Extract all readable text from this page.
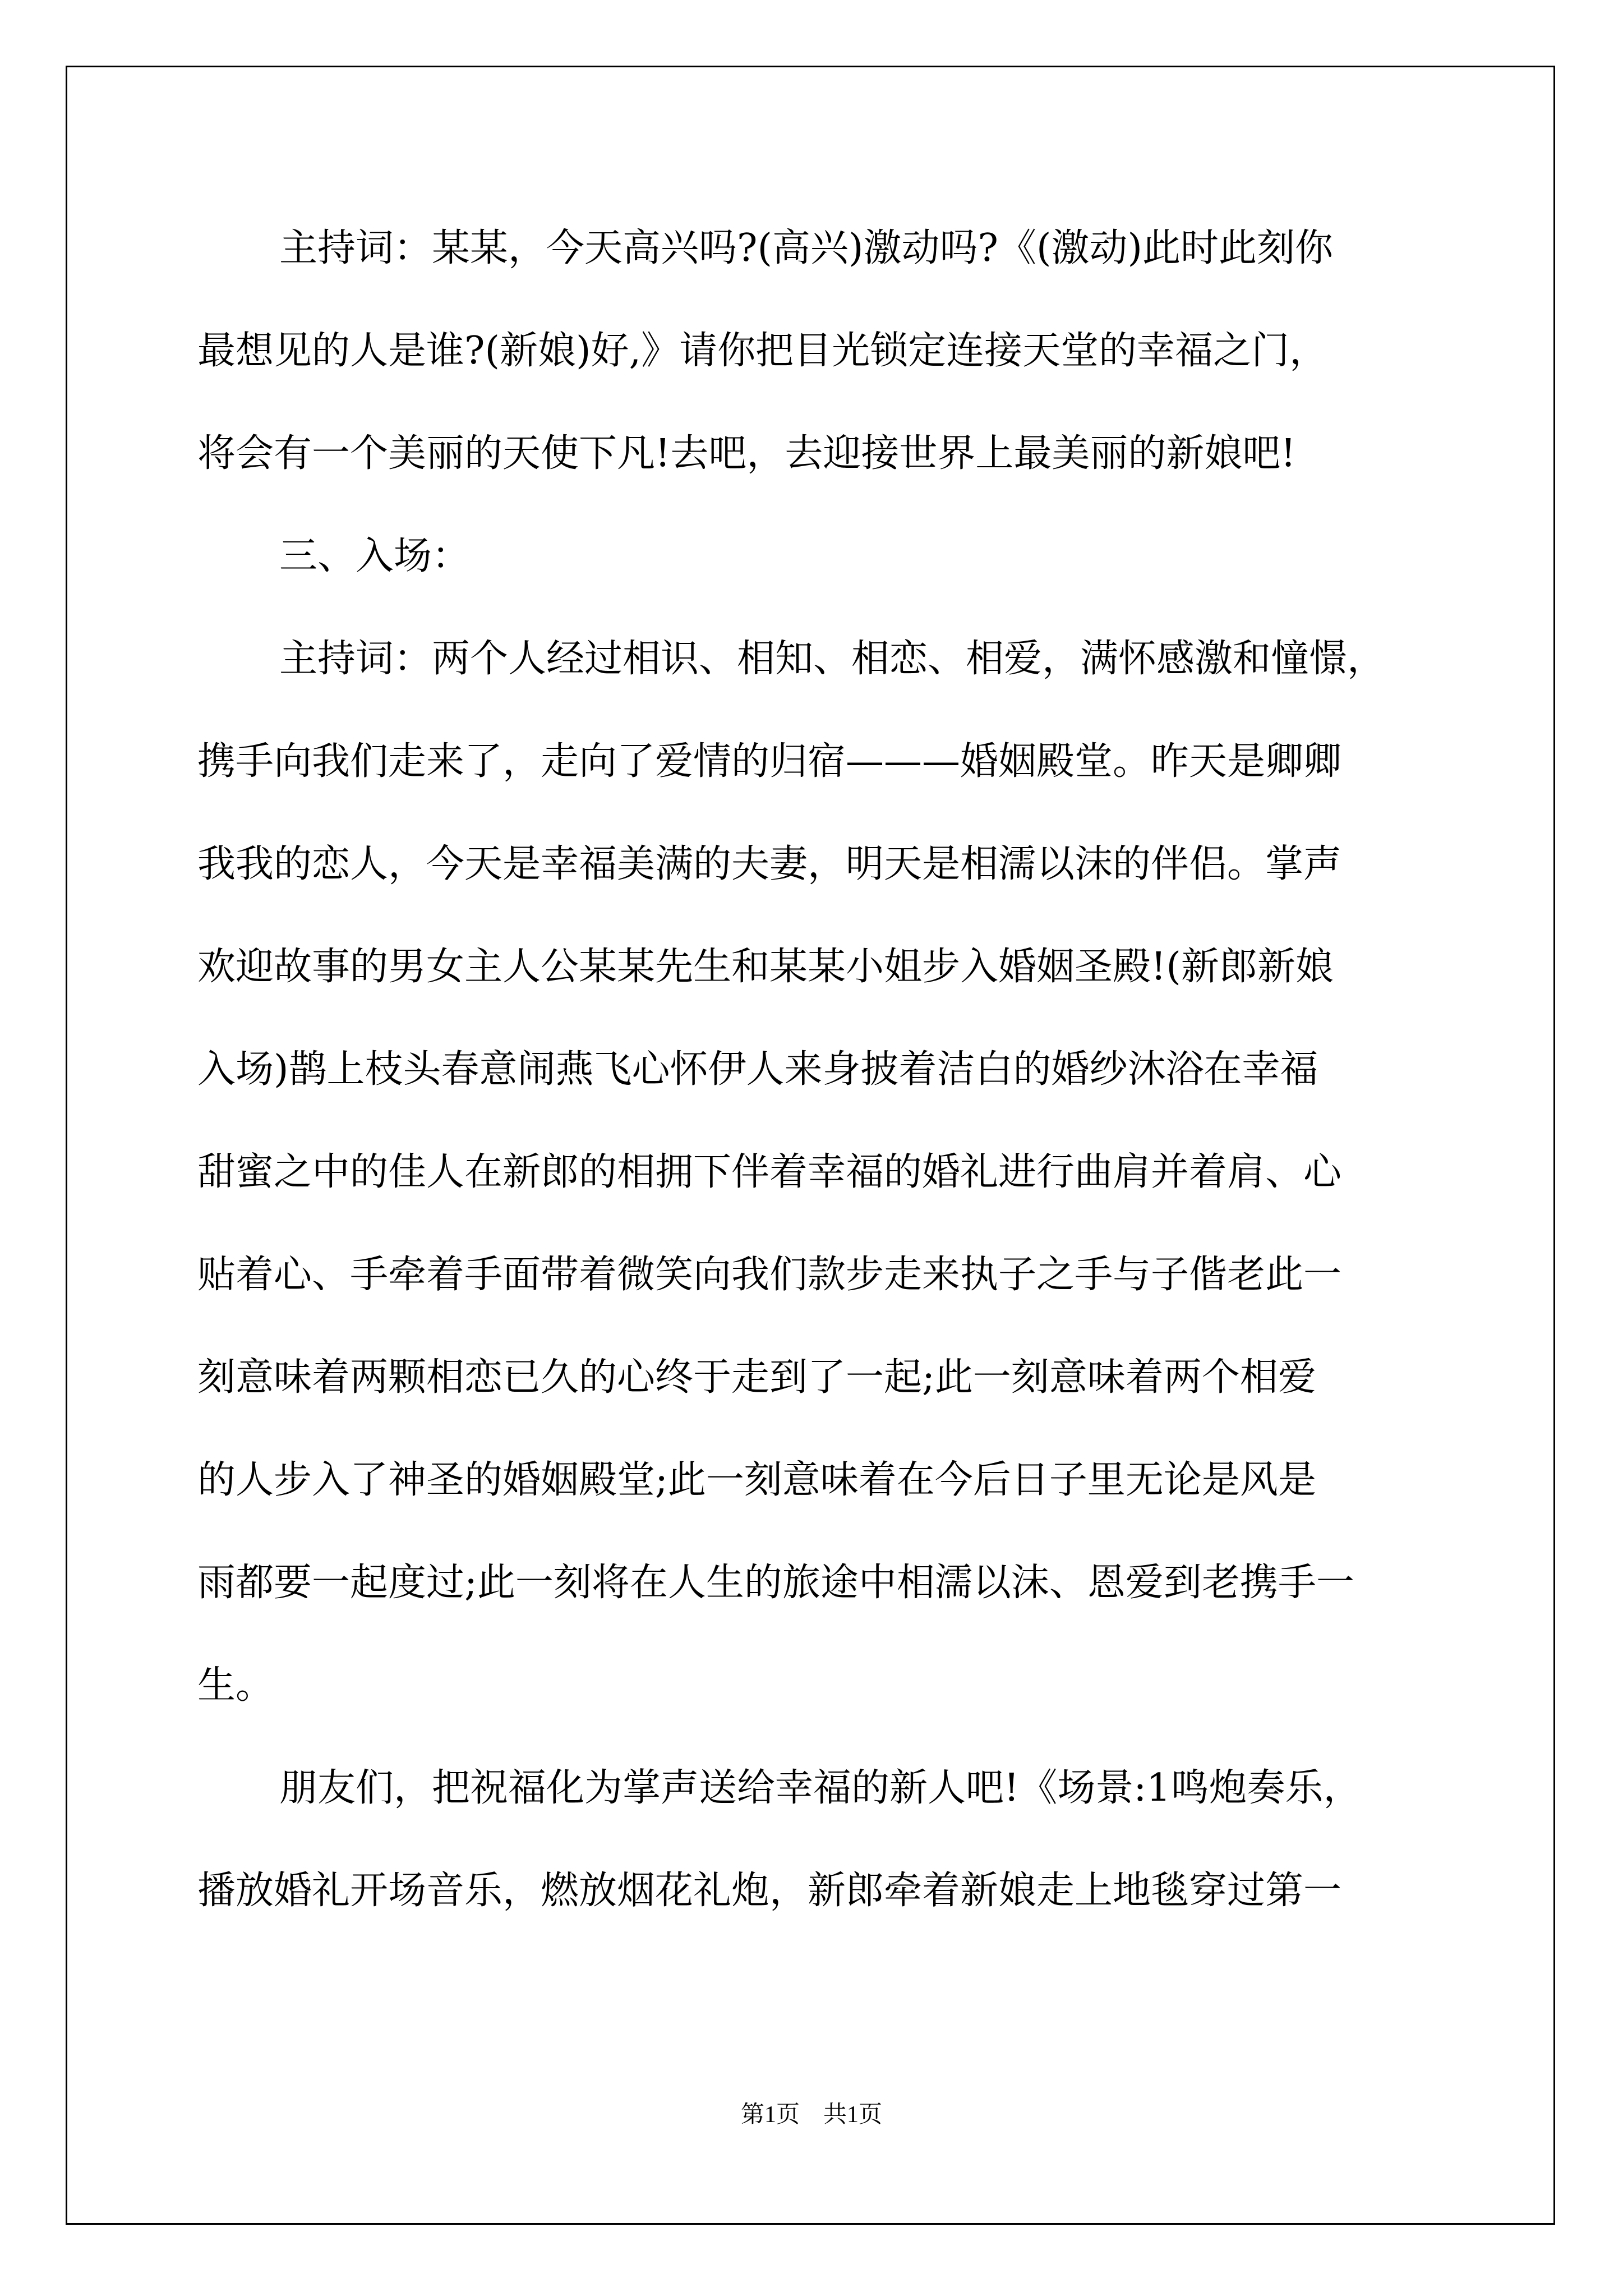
主持词：某某，今天高兴吗?(高兴)激动吗?《(激动)此时此刻你
最想见的人是谁?(新娘)好,》请你把目光锁定连接天堂的幸福之门，
将会有一个美丽的天使下凡!去吧，去迎接世界上最美丽的新娘吧!
三、入场：
主持词：两个人经过相识、相知、相恋、相爱，满怀感激和憧憬，
携手向我们走来了，走向了爱情的归宿———婚姻殿堂。昨天是卿卿
我我的恋人，今天是幸福美满的夫妻，明天是相濡以沫的伴侣。掌声
欢迎故事的男女主人公某某先生和某某小姐步入婚姻圣殿!(新郎新娘
入场)鹊上枝头春意闹燕飞心怀伊人来身披着洁白的婚纱沐浴在幸福
甜蜜之中的佳人在新郎的相拥下伴着幸福的婚礼进行曲肩并着肩、心
贴着心、手牵着手面带着微笑向我们款步走来执子之手与子偕老此一
刻意味着两颗相恋已久的心终于走到了一起;此一刻意味着两个相爱
的人步入了神圣的婚姻殿堂;此一刻意味着在今后日子里无论是风是
雨都要一起度过;此一刻将在人生的旅途中相濡以沫、恩爱到老携手一
生。
朋友们，把祝福化为掌声送给幸福的新人吧!《场景:1鸣炮奏乐，
播放婚礼开场音乐，燃放烟花礼炮，新郎牵着新娘走上地毯穿过第一
第1页    共1页
